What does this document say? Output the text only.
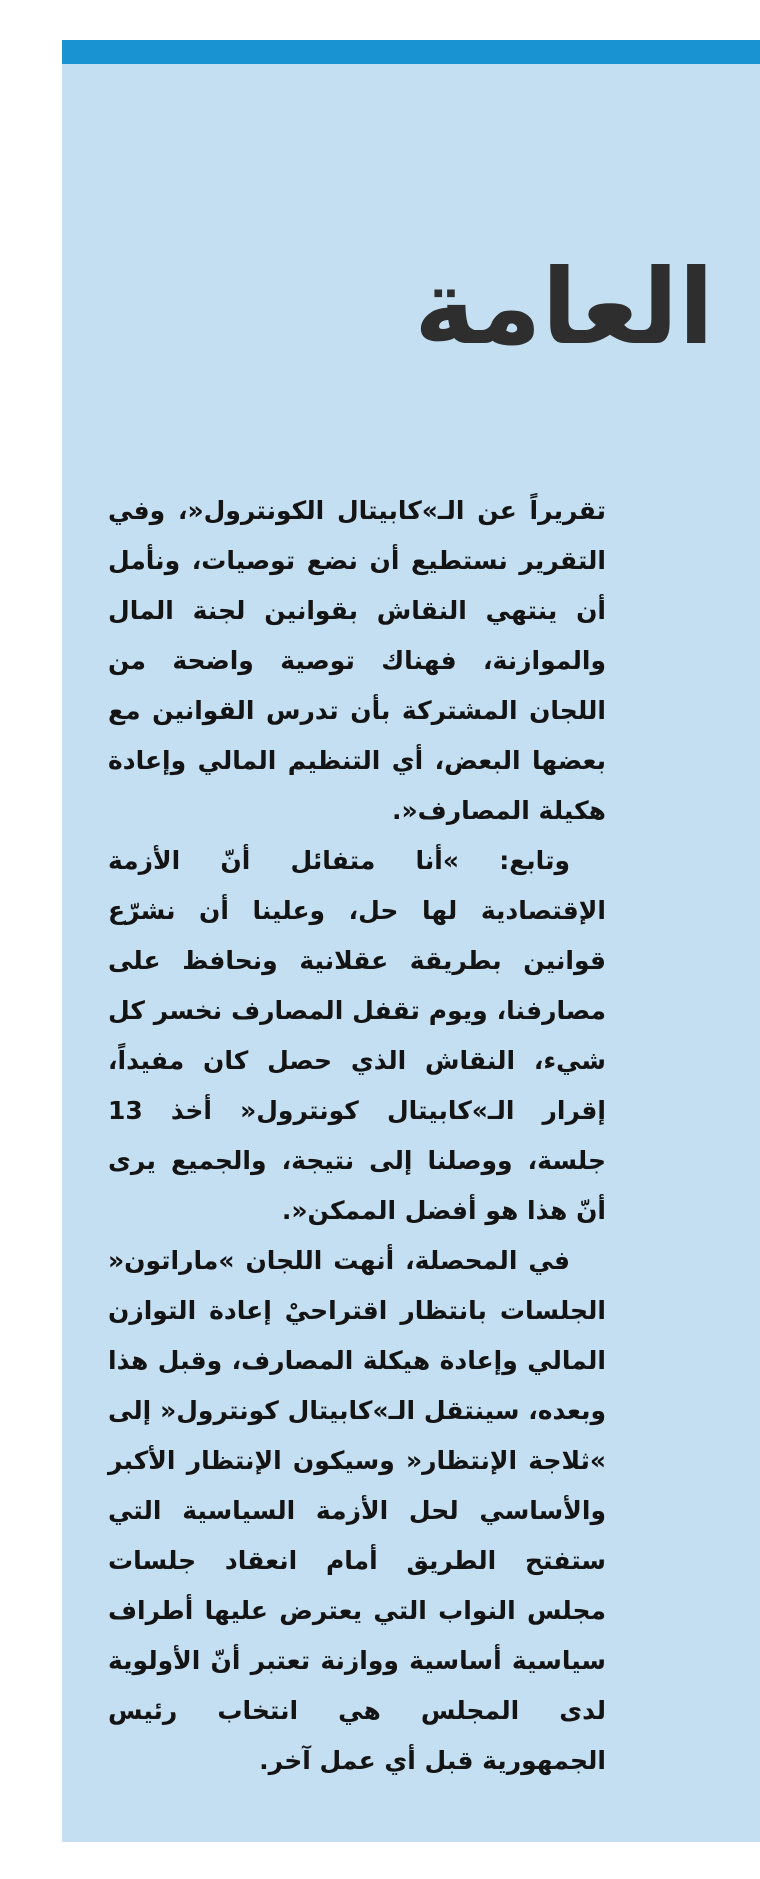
العامة

تقريراً عن الـ»كابيتال الكونترول«، وفي التقرير نستطيع أن نضع توصيات، ونأمل أن ينتهي النقاش بقوانين لجنة المال والموازنة، فهناك توصية واضحة من اللجان المشتركة بأن تدرس القوانين مع بعضها البعض، أي التنظيم المالي وإعادة هكيلة المصارف«.

وتابع: »أنا متفائل أنّ الأزمة الإقتصادية لها حل، وعلينا أن نشرّع قوانين بطريقة عقلانية ونحافظ على مصارفنا، ويوم تقفل المصارف نخسر كل شيء، النقاش الذي حصل كان مفيداً، إقرار الـ»كابيتال كونترول« أخذ 13 جلسة، ووصلنا إلى نتيجة، والجميع يرى أنّ هذا هو أفضل الممكن«.

في المحصلة، أنهت اللجان »ماراتون« الجلسات بانتظار اقتراحيْ إعادة التوازن المالي وإعادة هيكلة المصارف، وقبل هذا وبعده، سينتقل الـ»كابيتال كونترول« إلى »ثلاجة الإنتظار« وسيكون الإنتظار الأكبر والأساسي لحل الأزمة السياسية التي ستفتح الطريق أمام انعقاد جلسات مجلس النواب التي يعترض عليها أطراف سياسية أساسية ووازنة تعتبر أنّ الأولوية لدى المجلس هي انتخاب رئيس الجمهورية قبل أي عمل آخر.
